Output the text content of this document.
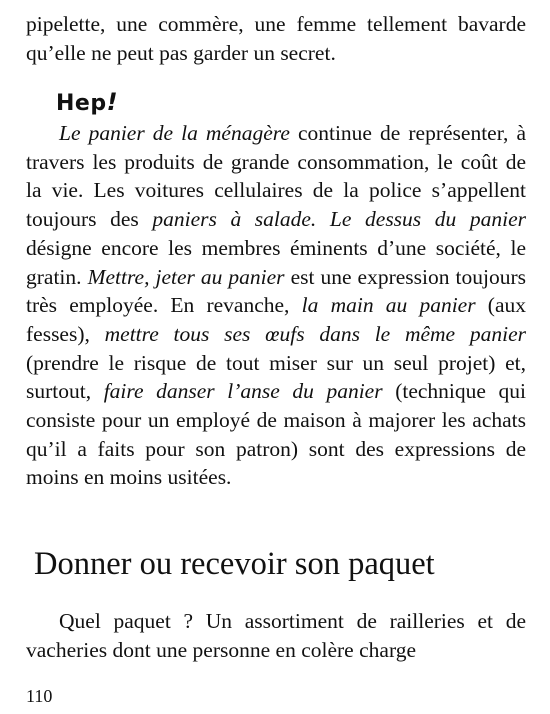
pipelette, une commère, une femme tellement bavarde qu’elle ne peut pas garder un secret.
Hep!
Le panier de la ménagère continue de représenter, à travers les produits de grande consommation, le coût de la vie. Les voitures cellulaires de la police s’appellent toujours des paniers à salade. Le dessus du panier désigne encore les membres éminents d’une société, le gratin. Mettre, jeter au panier est une expression toujours très employée. En revanche, la main au panier (aux fesses), mettre tous ses œufs dans le même panier (prendre le risque de tout miser sur un seul projet) et, surtout, faire danser l’anse du panier (technique qui consiste pour un employé de maison à majorer les achats qu’il a faits pour son patron) sont des expressions de moins en moins usitées.
Donner ou recevoir son paquet
Quel paquet ? Un assortiment de railleries et de vacheries dont une personne en colère charge
110
